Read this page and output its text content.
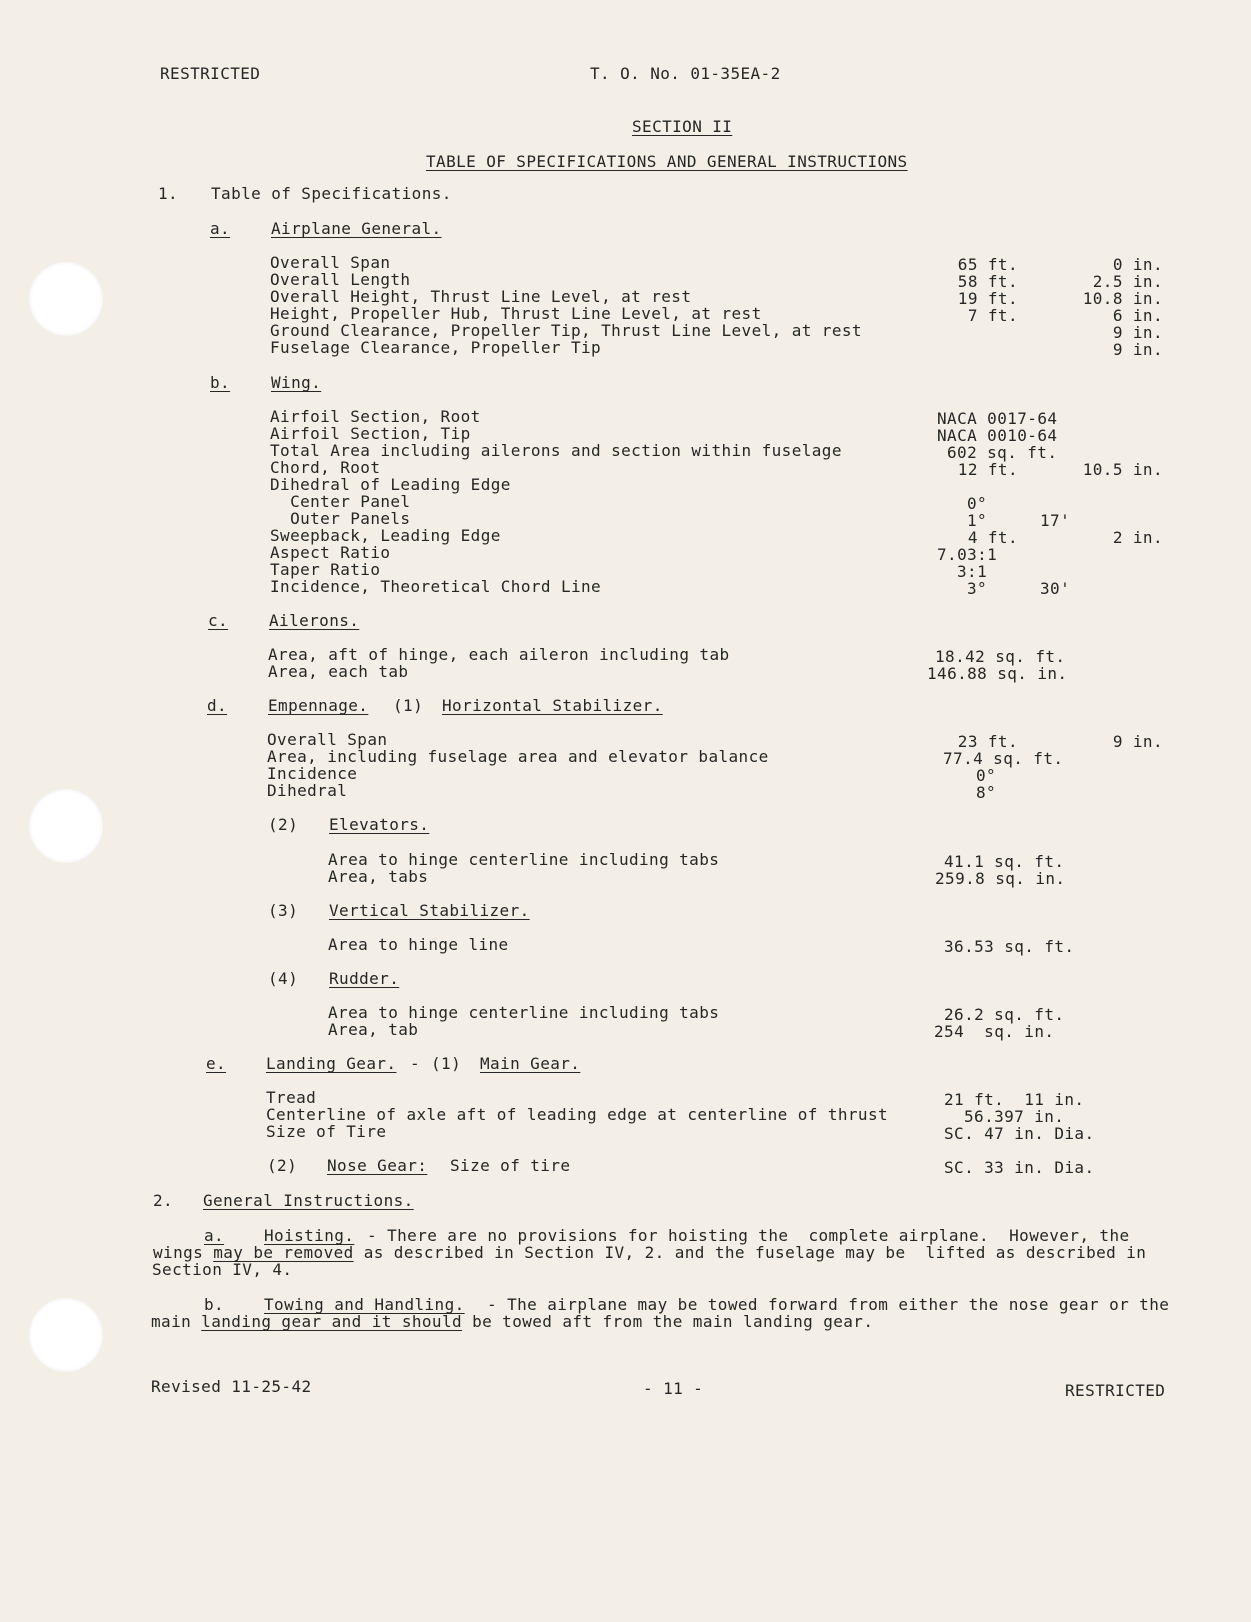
RESTRICTED	T. O. No. 01-35EA-2
SECTION II
TABLE OF SPECIFICATIONS AND GENERAL INSTRUCTIONS
1. Table of Specifications.
a.	Airplane General.
Overall Span	65 ft.	0 in.
Overall Length	58 ft.	2.5 in.
Overall Height, Thrust Line Level, at rest	19 ft.	10.8 in.
Height, Propeller Hub, Thrust Line Level, at rest	7 ft.	6 in.
Ground Clearance, Propeller Tip, Thrust Line Level, at rest	9 in.
Fuselage Clearance, Propeller Tip	9 in.
b.	Wing.
Airfoil Section, Root	NACA 0017-64
Airfoil Section, Tip	NACA 0010-64
Total Area including ailerons and section within fuselage	602 sq. ft.
Chord, Root	12 ft.	10.5 in.
Dihedral of Leading Edge
Center Panel	0°
Outer Panels	1°	17'
Sweepback, Leading Edge	4 ft.	2 in.
Aspect Ratio	7.03:1
Taper Ratio	3:1
Incidence, Theoretical Chord Line	3°	30'
c.	Ailerons.
Area, aft of hinge, each aileron including tab	18.42 sq. ft.
Area, each tab	146.88 sq. in.
d.	Empennage. (1) Horizontal Stabilizer.
Overall Span	23 ft.	9 in.
Area, including fuselage area and elevator balance	77.4 sq. ft.
Incidence	0°
Dihedral	8°
(2) Elevators.
Area to hinge centerline including tabs	41.1 sq. ft.
Area, tabs	259.8 sq. in.
(3) Vertical Stabilizer.
Area to hinge line	36.53 sq. ft.
(4) Rudder.
Area to hinge centerline including tabs	26.2 sq. ft.
Area, tab	254  sq. in.
e. Landing Gear. - (1) Main Gear.
Tread	21 ft.  11 in.
Centerline of axle aft of leading edge at centerline of thrust	56.397 in.
Size of Tire	SC. 47 in. Dia.
(2) Nose Gear: Size of tire	SC. 33 in. Dia.
2. General Instructions.
a. Hoisting. - There are no provisions for hoisting the  complete airplane.  However, the
wings may be removed as described in Section IV, 2. and the fuselage may be  lifted as described in
Section IV, 4.
b. Towing and Handling. - The airplane may be towed forward from either the nose gear or the
main landing gear and it should be towed aft from the main landing gear.
Revised 11-25-42	- 11 -	RESTRICTED
